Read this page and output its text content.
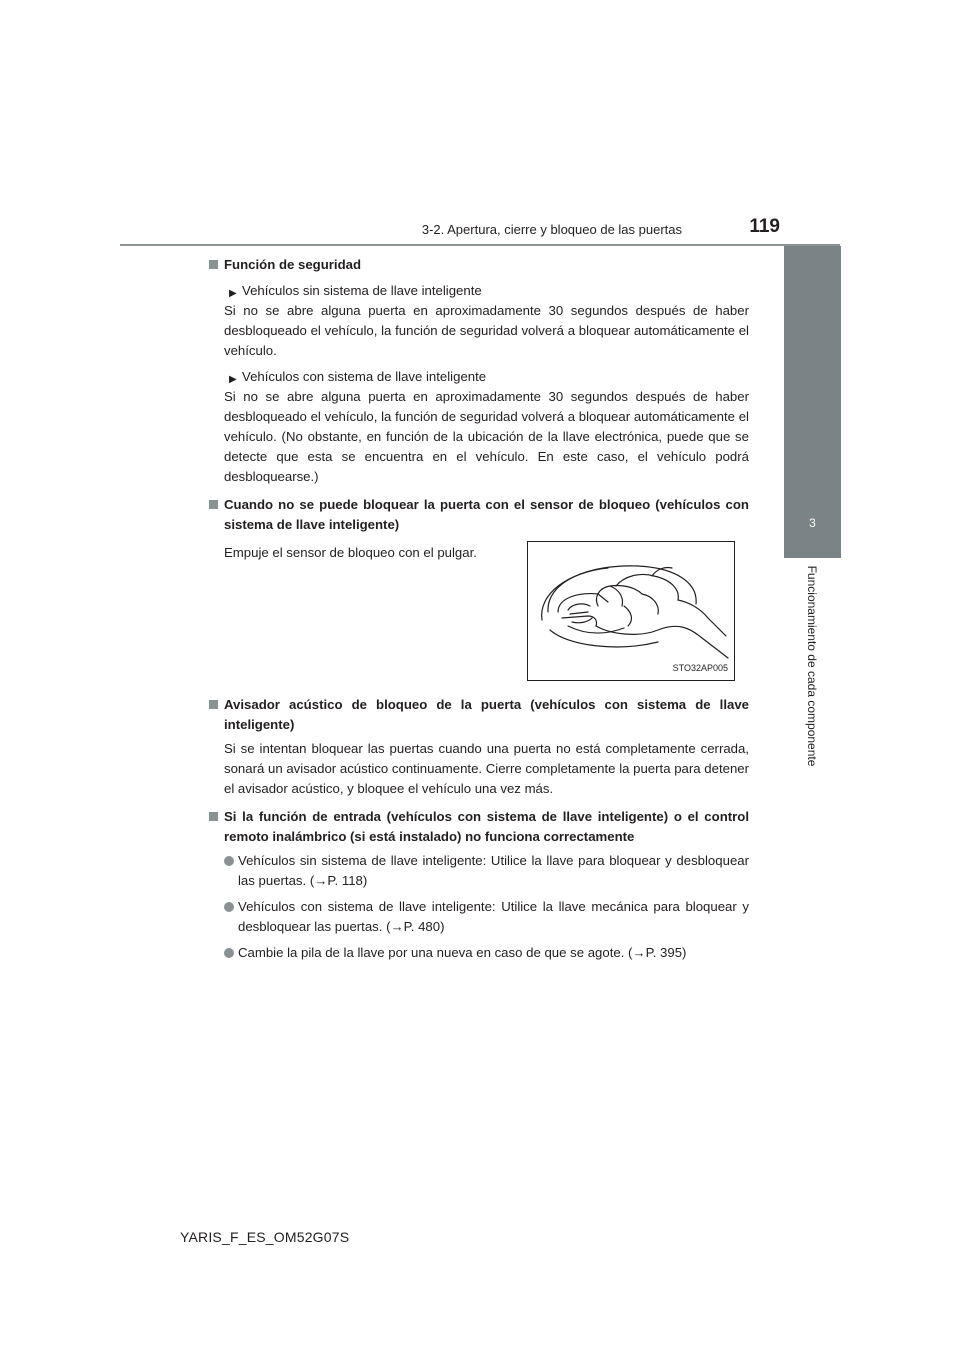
3-2. Apertura, cierre y bloqueo de las puertas	119
3
Funcionamiento de cada componente
Función de seguridad
▶ Vehículos sin sistema de llave inteligente
Si no se abre alguna puerta en aproximadamente 30 segundos después de haber desbloqueado el vehículo, la función de seguridad volverá a bloquear automáticamente el vehículo.
▶ Vehículos con sistema de llave inteligente
Si no se abre alguna puerta en aproximadamente 30 segundos después de haber desbloqueado el vehículo, la función de seguridad volverá a bloquear automáticamente el vehículo. (No obstante, en función de la ubicación de la llave electrónica, puede que se detecte que esta se encuentra en el vehículo. En este caso, el vehículo podrá desbloquearse.)
Cuando no se puede bloquear la puerta con el sensor de bloqueo (vehículos con sistema de llave inteligente)
Empuje el sensor de bloqueo con el pulgar.
STO32AP005
Avisador acústico de bloqueo de la puerta (vehículos con sistema de llave inteligente)
Si se intentan bloquear las puertas cuando una puerta no está completamente cerrada, sonará un avisador acústico continuamente. Cierre completamente la puerta para detener el avisador acústico, y bloquee el vehículo una vez más.
Si la función de entrada (vehículos con sistema de llave inteligente) o el control remoto inalámbrico (si está instalado) no funciona correctamente
Vehículos sin sistema de llave inteligente: Utilice la llave para bloquear y desbloquear las puertas. (→P. 118)
Vehículos con sistema de llave inteligente: Utilice la llave mecánica para bloquear y desbloquear las puertas. (→P. 480)
Cambie la pila de la llave por una nueva en caso de que se agote. (→P. 395)
YARIS_F_ES_OM52G07S
